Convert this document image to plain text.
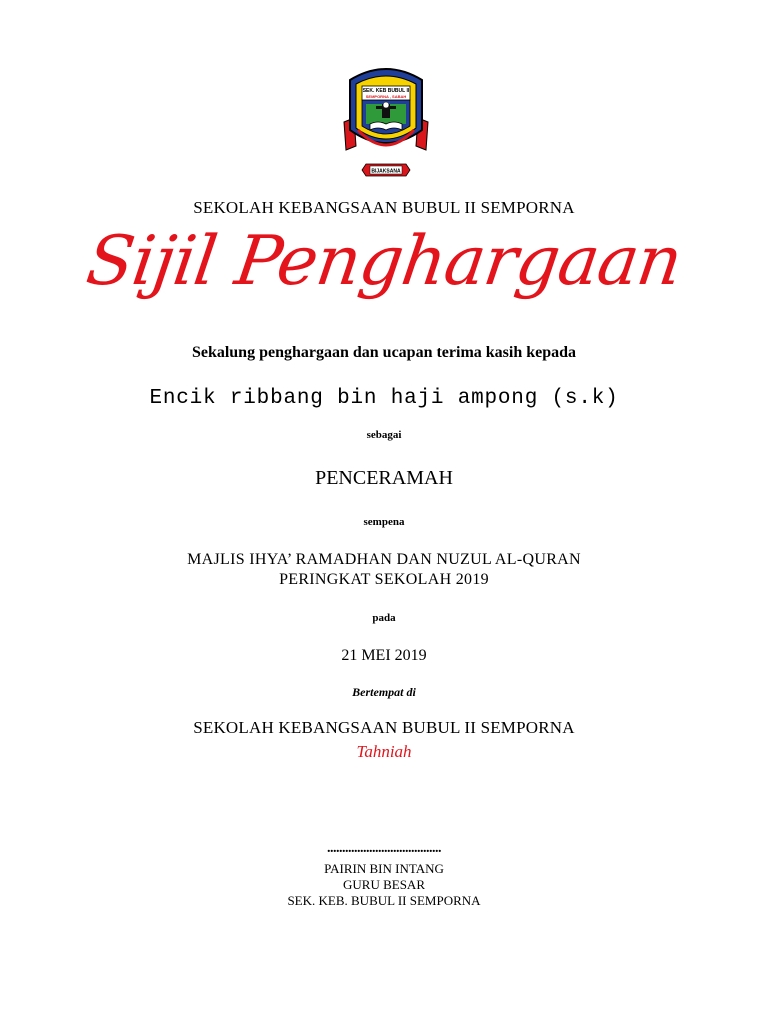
SEK. KEB BUBUL II
SEMPORNA , SABAH
BIJAKSANA
SEKOLAH KEBANGSAAN BUBUL II SEMPORNA
Sijil Penghargaan
Sekalung penghargaan dan ucapan terima kasih kepada
Encik ribbang bin haji ampong (s.k)
sebagai
PENCERAMAH
sempena
MAJLIS IHYA’ RAMADHAN DAN NUZUL AL-QURAN
PERINGKAT SEKOLAH 2019
pada
21 MEI 2019
Bertempat di
SEKOLAH KEBANGSAAN BUBUL II SEMPORNA
Tahniah
......................................
PAIRIN BIN INTANG
GURU BESAR
SEK. KEB. BUBUL II SEMPORNA
